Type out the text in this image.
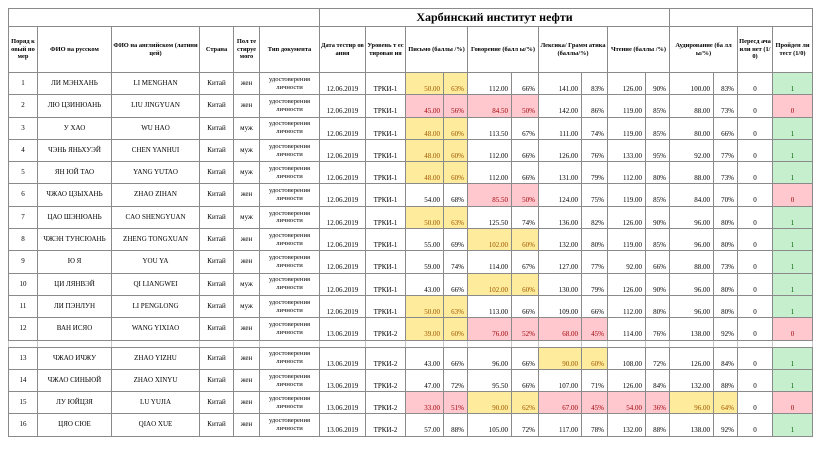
						Харбинский институт нефти													
Поряд ковый номер	ФИО на русском	ФИО на английском (латиницей)	Страна	Пол те стируе мого	Тип документа	Дата тестир ования	Уровень т естирован ия	Письмо (баллы /%)		Говорение (балл ы/%)		Лексика/ Грамм атика (баллы/%)		Чтение (баллы /%)		Аудирование (ба ллы/%)		Пересд ача или нет (1/0)	Пройден ли тест (1/0)
1	ЛИ МЭНХАНЬ	LI MENGHAN	Китай	жен	удостоверения личности	12.06.2019	ТРКИ-1	50.00	63%	112.00	66%	141.00	83%	126.00	90%	100.00	83%	0	1
2	ЛЮ ЦЗИНЮАНЬ	LIU JINGYUAN	Китай	жен	удостоверения личности	12.06.2019	ТРКИ-1	45.00	56%	84.50	50%	142.00	86%	119.00	85%	88.00	73%	0	0
3	У ХАО	WU HAO	Китай	муж	удостоверения личности	12.06.2019	ТРКИ-1	48.00	60%	113.50	67%	111.00	74%	119.00	85%	80.00	66%	0	1
4	ЧЭНЬ ЯНЬХУЭЙ	CHEN YANHUI	Китай	муж	удостоверения личности	12.06.2019	ТРКИ-1	48.00	60%	112.00	66%	126.00	76%	133.00	95%	92.00	77%	0	1
5	ЯН ЮЙ ТАО	YANG YUTAO	Китай	муж	удостоверения личности	12.06.2019	ТРКИ-1	48.00	60%	112.00	66%	131.00	79%	112.00	80%	88.00	73%	0	1
6	ЧЖАО ЦЗЫХАНЬ	ZHAO ZIHAN	Китай	жен	удостоверения личности	12.06.2019	ТРКИ-1	54.00	68%	85.50	50%	124.00	75%	119.00	85%	84.00	70%	0	0
7	ЦАО ШЭНЮАНЬ	CAO SHENGYUAN	Китай	муж	удостоверения личности	12.06.2019	ТРКИ-1	50.00	63%	125.50	74%	136.00	82%	126.00	90%	96.00	80%	0	1
8	ЧЖЭН ТУНСЮАНЬ	ZHENG TONGXUAN	Китай	жен	удостоверения личности	12.06.2019	ТРКИ-1	55.00	69%	102.00	60%	132.00	80%	119.00	85%	96.00	80%	0	1
9	Ю Я	YOU YA	Китай	жен	удостоверения личности	12.06.2019	ТРКИ-1	59.00	74%	114.00	67%	127.00	77%	92.00	66%	88.00	73%	0	1
10	ЦИ ЛЯНВЭЙ	QI LIANGWEI	Китай	муж	удостоверения личности	12.06.2019	ТРКИ-1	43.00	66%	102.00	60%	130.00	79%	126.00	90%	96.00	80%	0	1
11	ЛИ ПЭНЛУН	LI PENGLONG	Китай	муж	удостоверения личности	12.06.2019	ТРКИ-1	50.00	63%	113.00	66%	109.00	66%	112.00	80%	96.00	80%	0	1
12	ВАН ИСЯО	WANG YIXIAO	Китай	жен	удостоверения личности	13.06.2019	ТРКИ-2	39.00	60%	76.00	52%	68.00	45%	114.00	76%	138.00	92%	0	0

13	ЧЖАО ИЧЖУ	ZHAO YIZHU	Китай	жен	удостоверения личности	13.06.2019	ТРКИ-2	43.00	66%	96.00	66%	90.00	60%	108.00	72%	126.00	84%	0	1
14	ЧЖАО СИНЬЮЙ	ZHAO XINYU	Китай	жен	удостоверения личности	13.06.2019	ТРКИ-2	47.00	72%	95.50	66%	107.00	71%	126.00	84%	132.00	88%	0	1
15	ЛУ ЮЙЦЗЯ	LU YUJIA	Китай	жен	удостоверения личности	13.06.2019	ТРКИ-2	33.00	51%	90.00	62%	67.00	45%	54.00	36%	96.00	64%	0	0
16	ЦЯО СЮЕ	QIAO XUE	Китай	жен	удостоверения личности	13.06.2019	ТРКИ-2	57.00	88%	105.00	72%	117.00	78%	132.00	88%	138.00	92%	0	1
